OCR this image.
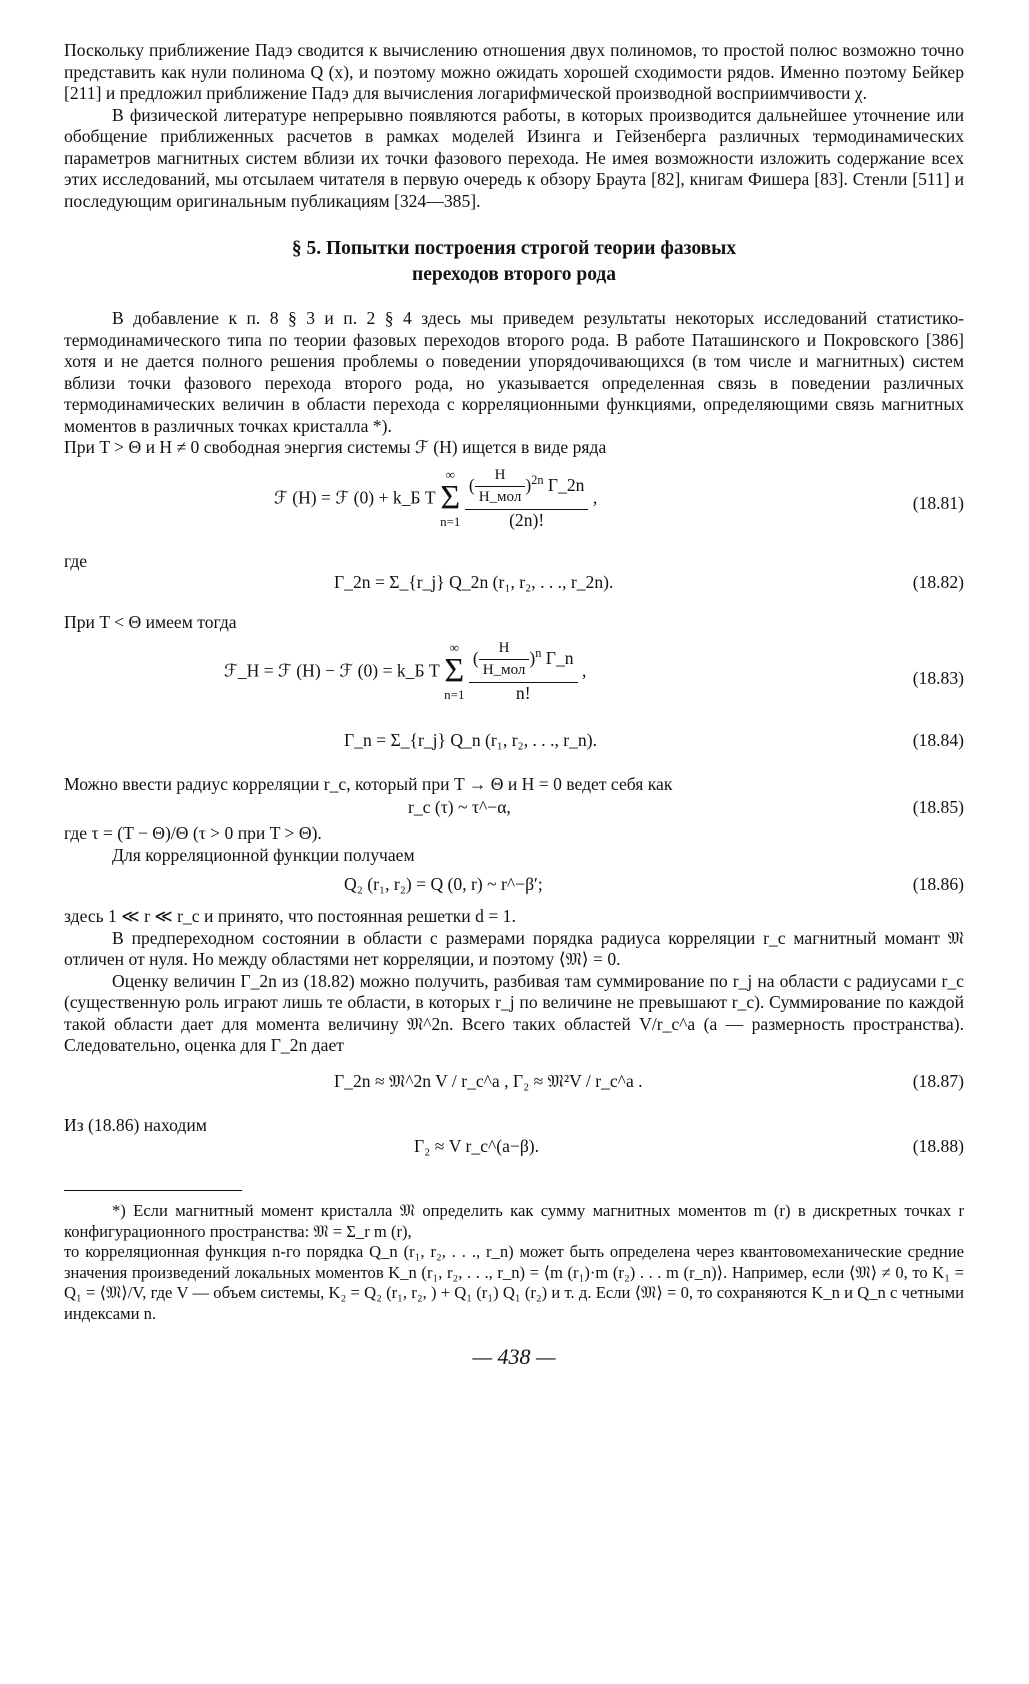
Поскольку приближение Падэ сводится к вычислению отношения двух полиномов, то простой полюс возможно точно представить как нули полинома Q (x), и поэтому можно ожидать хорошей сходимости рядов. Именно поэтому Бейкер [211] и предложил приближение Падэ для вычисления логарифмической производной восприимчивости χ.

В физической литературе непрерывно появляются работы, в которых производится дальнейшее уточнение или обобщение приближенных расчетов в рамках моделей Изинга и Гейзенберга различных термодинамических параметров магнитных систем вблизи их точки фазового перехода. Не имея возможности изложить содержание всех этих исследований, мы отсылаем читателя в первую очередь к обзору Браута [82], книгам Фишера [83]. Стенли [511] и последующим оригинальным публикациям [324—385].

§ 5. Попытки построения строгой теории фазовых
переходов второго рода

В добавление к п. 8 § 3 и п. 2 § 4 здесь мы приведем результаты некоторых исследований статистико-термодинамического типа по теории фазовых переходов второго рода. В работе Паташинского и Покровского [386] хотя и не дается полного решения проблемы о поведении упорядочивающихся (в том числе и магнитных) систем вблизи точки фазового перехода второго рода, но указывается определенная связь в поведении различных термодинамических величин в области перехода с корреляционными функциями, определяющими связь магнитных моментов в различных точках кристалла *).

При T > Θ и H ≠ 0 свободная энергия системы ℱ (H) ищется в виде ряда

ℱ (H) = ℱ (0) + k_Б T
∞
Σ
n=1
$\frac{( \frac{H}{\text{H\_мол}} )^{2n} \Gamma\_2n}{(2n)!}$ ,	(18.81)

где

Γ_2n = Σ_{r_j} Q_2n (r₁, r₂, . . ., r_2n).	(18.82)

При T < Θ имеем тогда

ℱ_H = ℱ (H) − ℱ (0) = k_Б T
∞
Σ
n=1
$\frac{( \frac{H}{\text{H\_мол}} )^n \Gamma\_n}{n!}$ ,	(18.83)
Γ_n = Σ_{r_j} Q_n (r₁, r₂, . . ., r_n).	(18.84)

Можно ввести радиус корреляции r_c, который при T → Θ и H = 0 ведет себя как

r_c (τ) ~ τ^−α,	(18.85)

где τ = (T − Θ)/Θ (τ > 0 при T > Θ).

Для корреляционной функции получаем

Q₂ (r₁, r₂) = Q (0, r) ~ r^−β′;	(18.86)

здесь 1 ≪ r ≪ r_c и принято, что постоянная решетки d = 1.

В предпереходном состоянии в области с размерами порядка радиуса корреляции r_c магнитный момант 𝔐 отличен от нуля. Но между областями нет корреляции, и поэтому ⟨𝔐⟩ = 0.

Оценку величин Γ_2n из (18.82) можно получить, разбивая там суммирование по r_j на области с радиусами r_c (существенную роль играют лишь те области, в которых r_j по величине не превышают r_c). Суммирование по каждой такой области дает для момента величину 𝔐^2n. Всего таких областей V/r_c^a (a — размерность пространства). Следовательно, оценка для Γ_2n дает

Γ_2n ≈ 𝔐^2n V / r_c^a , Γ₂ ≈ 𝔐²V / r_c^a .	(18.87)

Из (18.86) находим

Γ₂ ≈ V r_c^(a−β).	(18.88)

*) Если магнитный момент кристалла 𝔐 определить как сумму магнитных моментов m (r) в дискретных точках r конфигурационного пространства: 𝔐 = Σ_r m (r),

то корреляционная функция n-го порядка Q_n (r₁, r₂, . . ., r_n) может быть определена через квантовомеханические средние значения произведений локальных моментов K_n (r₁, r₂, . . ., r_n) = ⟨m (r₁)·m (r₂) . . . m (r_n)⟩. Например, если ⟨𝔐⟩ ≠ 0, то K₁ = Q₁ = ⟨𝔐⟩/V, где V — объем системы, K₂ = Q₂ (r₁, r₂, ) + Q₁ (r₁) Q₁ (r₂) и т. д. Если ⟨𝔐⟩ = 0, то сохраняются K_n и Q_n с четными индексами n.

— 438 —
